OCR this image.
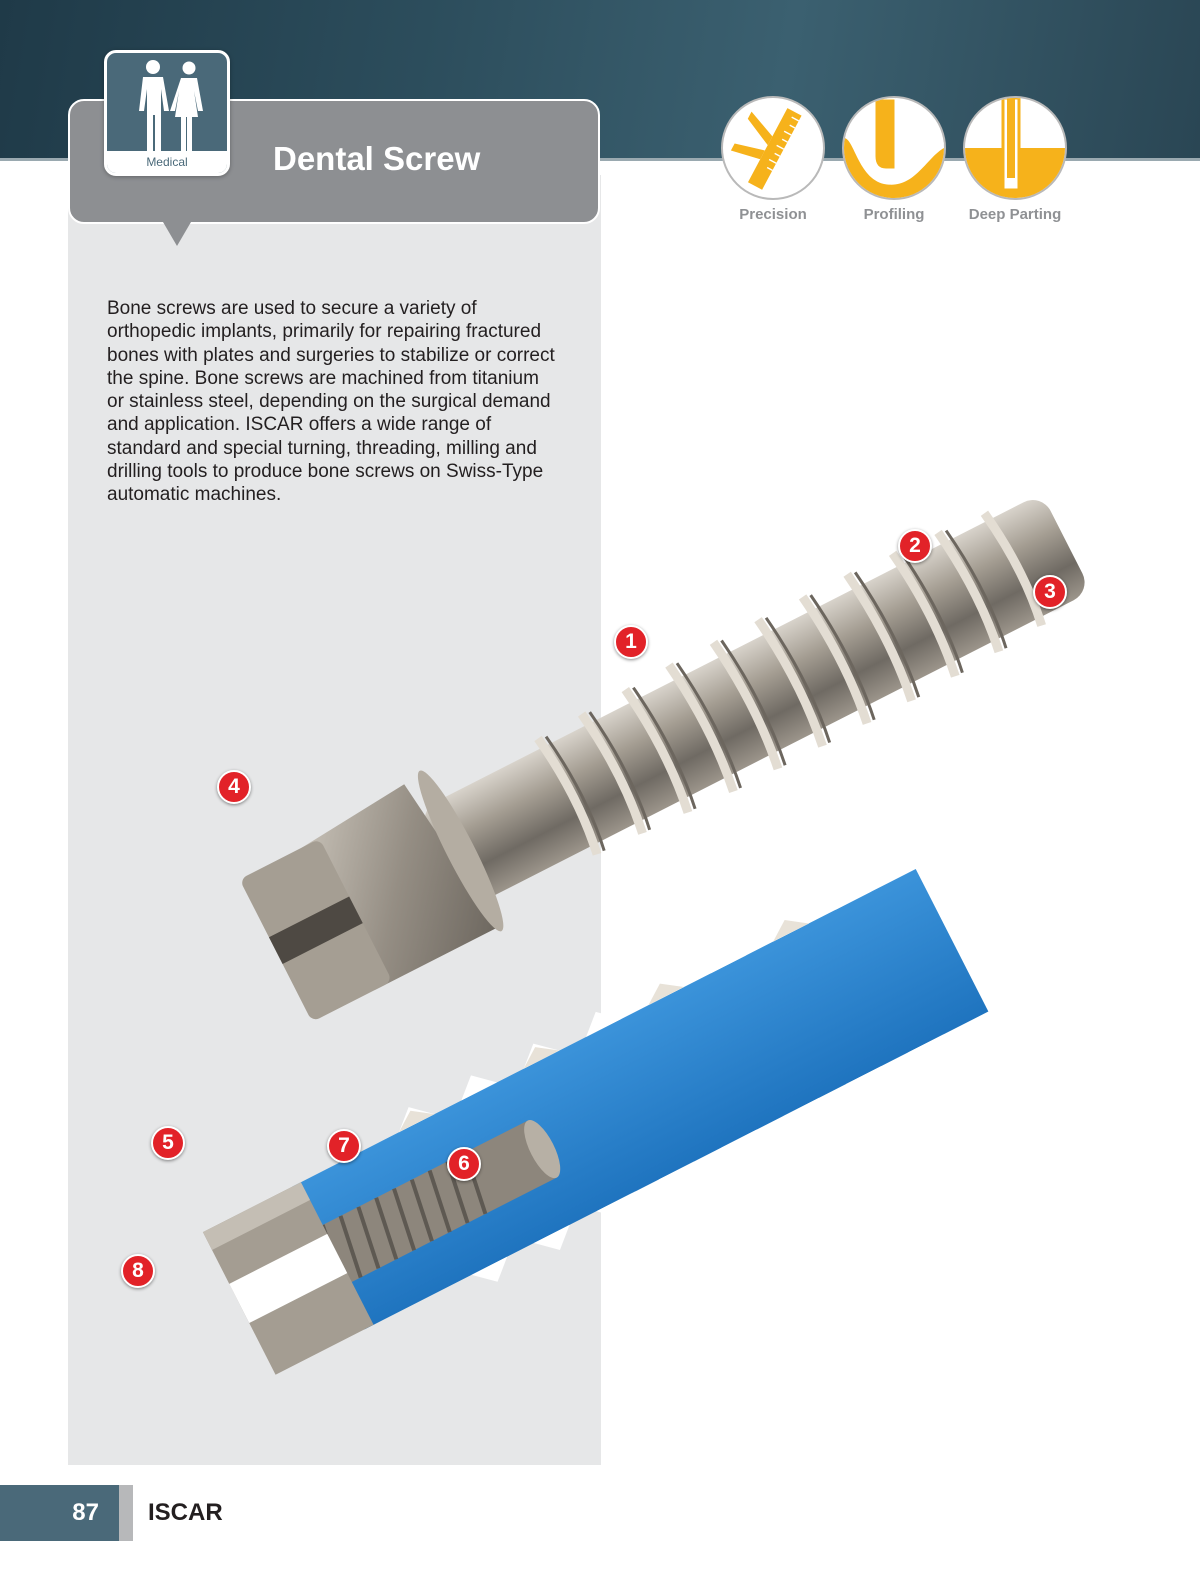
Medical	Dental Screw
Precision	Profiling	Deep Parting

Bone screws are used to secure a variety of orthopedic implants, primarily for repairing fractured bones with plates and surgeries to stabilize or correct the spine. Bone screws are machined from titanium or stainless steel, depending on the surgical demand and application. ISCAR offers a wide range of standard and special turning, threading, milling and drilling tools to produce bone screws on Swiss-Type automatic machines.

1
2
3
4
5
6
7
8
87	ISCAR
